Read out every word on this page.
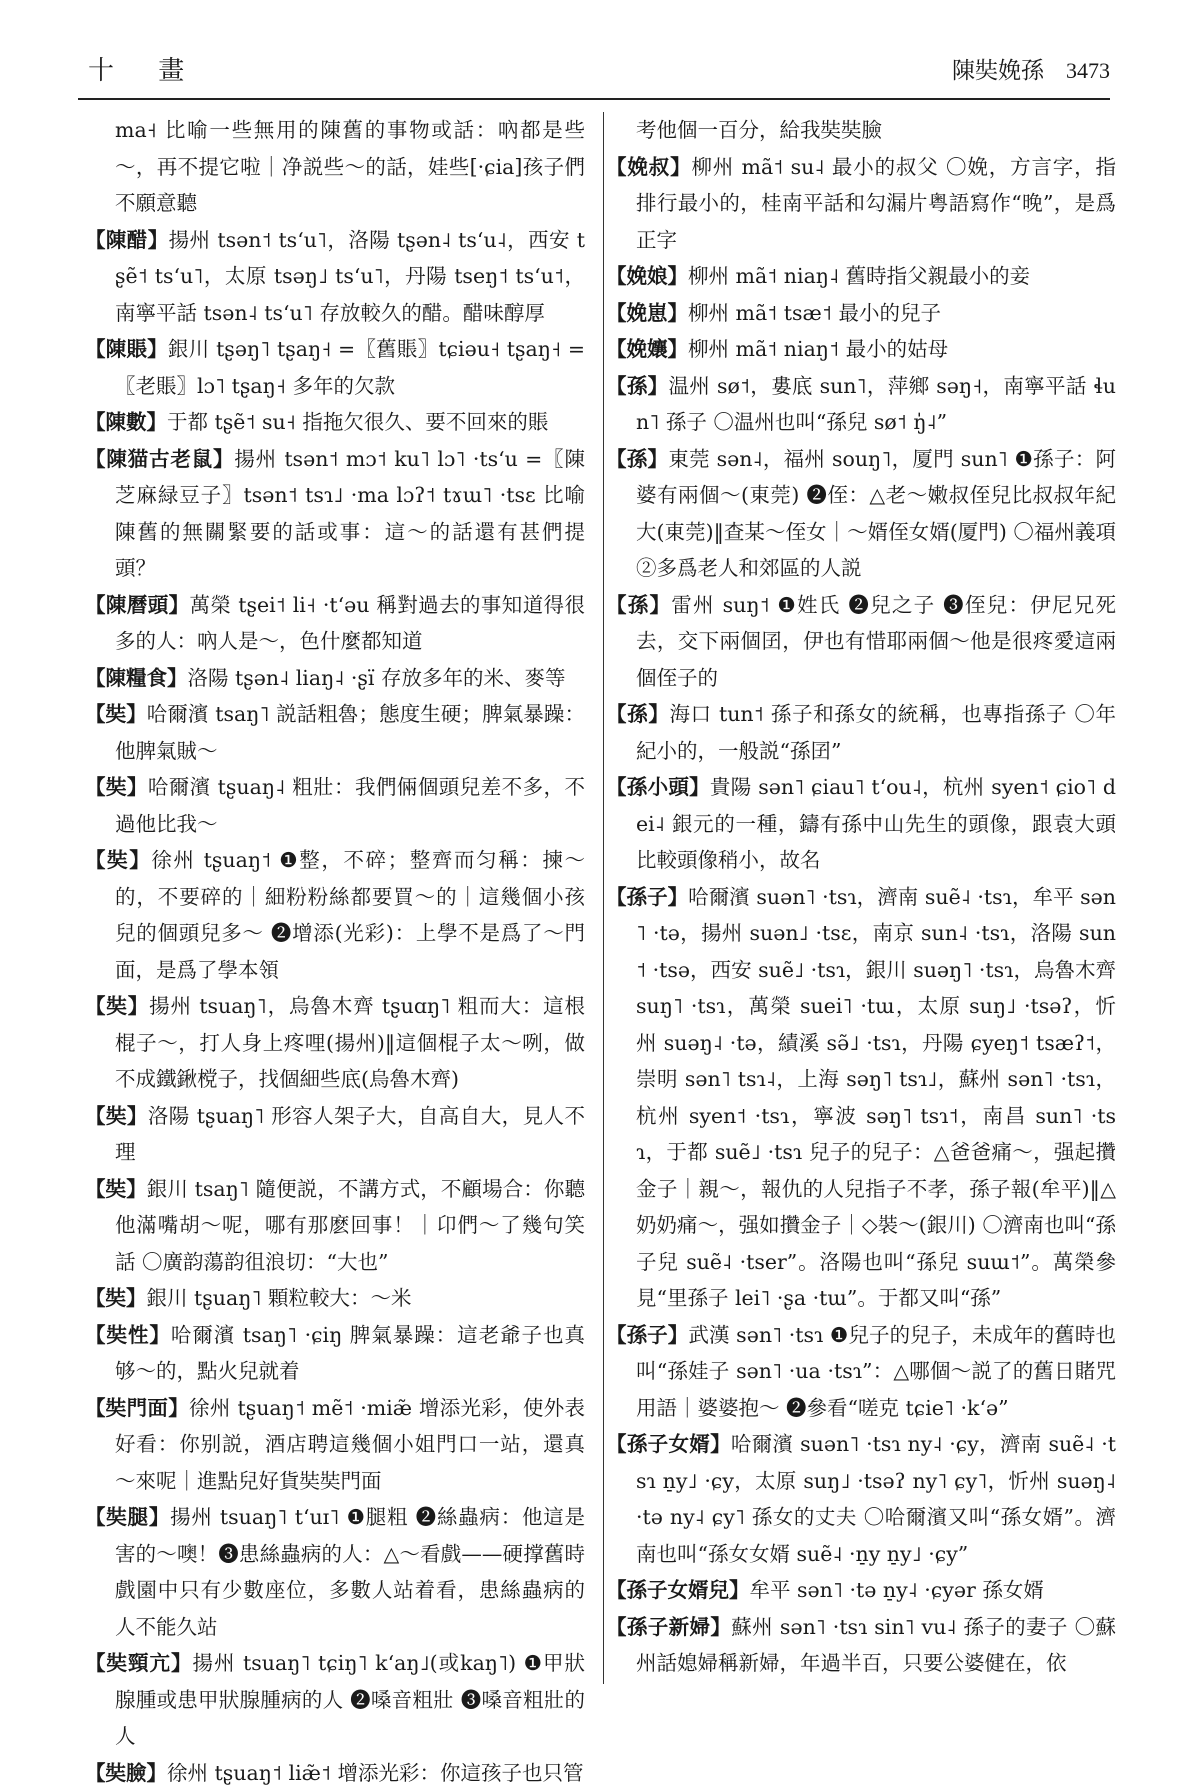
十 畫	陳奘娩孫 3473

ma˧ 比喻一些無用的陳舊的事物或話：吶都是些～，再不提它啦｜净説些～的話，娃些[·ɕia]孩子們不願意聽

【陳醋】揚州 tsən˦ tsʻu˥，洛陽 tʂən˨ tsʻu˨，西安 tʂẽ˦ tsʻu˥，太原 tsəŋ˩ tsʻu˥，丹陽 tseŋ˦ tsʻu˦，南寧平話 tsən˨ tsʻu˥ 存放較久的醋。醋味醇厚

【陳賬】銀川 tʂəŋ˥ tʂaŋ˧ =〖舊賬〗tɕiəu˧ tʂaŋ˧ =〖老賬〗lɔ˥ tʂaŋ˧ 多年的欠款

【陳數】于都 tʂẽ˦ su˧ 指拖欠很久、要不回來的賬

【陳猫古老鼠】揚州 tsən˦ mɔ˦ ku˥ lɔ˥ ·tsʻu =〖陳芝麻緑豆子〗tsən˦ tsɿ˩ ·ma lɔʔ˦ tɤɯ˥ ·tsɛ 比喻陳舊的無關緊要的話或事：這～的話還有甚們提頭？

【陳曆頭】萬榮 tʂei˦ li˧ ·tʻəu 稱對過去的事知道得很多的人：吶人是～，色什麼都知道

【陳糧食】洛陽 tʂən˨ liaŋ˨ ·ʂï 存放多年的米、麥等

【奘】哈爾濱 tsaŋ˥ 説話粗魯；態度生硬；脾氣暴躁：他脾氣賊～

【奘】哈爾濱 tʂuaŋ˨ 粗壯：我們倆個頭兒差不多，不過他比我～

【奘】徐州 tʂuaŋ˦ ❶整，不碎；整齊而匀稱：揀～的，不要碎的｜細粉粉絲都要買～的｜這幾個小孩兒的個頭兒多～ ❷增添(光彩)：上學不是爲了～門面，是爲了學本領

【奘】揚州 tsuaŋ˥，烏魯木齊 tʂuɑŋ˥ 粗而大：這根棍子～，打人身上疼哩(揚州)‖這個棍子太～咧，做不成鐵鍬𣗋子，找個細些底(烏魯木齊)

【奘】洛陽 tʂuaŋ˥ 形容人架子大，自高自大，見人不理

【奘】銀川 tsaŋ˥ 隨便説，不講方式，不顧場合：你聽他滿嘴胡～呢，哪有那麽回事！｜卬們～了幾句笑話 〇廣韵蕩韵徂浪切：“大也”

【奘】銀川 tʂuaŋ˥ 顆粒較大：～米

【奘性】哈爾濱 tsaŋ˥ ·ɕiŋ 脾氣暴躁：這老爺子也真够～的，點火兒就着

【奘門面】徐州 tʂuaŋ˦ mẽ˦ ·miæ̃ 增添光彩，使外表好看：你别説，酒店聘這幾個小姐門口一站，還真～來呢｜進點兒好貨奘奘門面

【奘腿】揚州 tsuaŋ˥ tʻuɪ˥ ❶腿粗 ❷絲蟲病：他這是害的～噢！❸患絲蟲病的人：△～看戲——硬撑舊時戲園中只有少數座位，多數人站着看，患絲蟲病的人不能久站

【奘頸亢】揚州 tsuaŋ˥ tɕiŋ˥ kʻaŋ˩(或kaŋ˥) ❶甲狀腺腫或患甲狀腺腫病的人 ❷嗓音粗壯 ❸嗓音粗壯的人

【奘臉】徐州 tʂuaŋ˦ liæ̃˦ 增添光彩：你這孩子也只管

考他個一百分，給我奘奘臉

【娩叔】柳州 mã˦ su˨ 最小的叔父 〇娩，方言字，指排行最小的，桂南平話和勾漏片粤語寫作“晚”，是爲正字

【娩娘】柳州 mã˦ niaŋ˨ 舊時指父親最小的妾

【娩崽】柳州 mã˦ tsæ˦ 最小的兒子

【娩孃】柳州 mã˦ niaŋ˦ 最小的姑母

【孫】温州 sø˦，婁底 sun˥，萍鄉 səŋ˧，南寧平話 ɬun˥ 孫子 〇温州也叫“孫兒 sø˦ ŋ̍˨”

【孫】東莞 sən˨，福州 souŋ˥，厦門 sun˥ ❶孫子：阿婆有兩個～(東莞) ❷侄：△老～嫩叔侄兒比叔叔年紀大(東莞)‖查某～侄女｜～婿侄女婿(厦門) 〇福州義項②多爲老人和郊區的人説

【孫】雷州 suŋ˦ ❶姓氏 ❷兒之子 ❸侄兒：伊尼兄死去，交下兩個囝，伊也有惜耶兩個～他是很疼愛這兩個侄子的

【孫】海口 tun˦ 孫子和孫女的統稱，也專指孫子 〇年紀小的，一般説“孫囝”

【孫小頭】貴陽 sən˥ ɕiau˥ tʻou˨，杭州 syen˦ ɕio˥ dei˨ 銀元的一種，鑄有孫中山先生的頭像，跟袁大頭比較頭像稍小，故名

【孫子】哈爾濱 suən˥ ·tsɿ，濟南 suẽ˨ ·tsɿ，牟平 sən˥ ·tə，揚州 suən˩ ·tsɛ，南京 sun˨ ·tsɿ，洛陽 sun˦ ·tsə，西安 suẽ˩ ·tsɿ，銀川 suəŋ˥ ·tsɿ，烏魯木齊 suŋ˥ ·tsɿ，萬榮 suei˥ ·tɯ，太原 suŋ˩ ·tsəʔ，忻州 suəŋ˨ ·tə，績溪 sə̃˩ ·tsɿ，丹陽 ɕyeŋ˦ tsæʔ˦，崇明 sən˥ tsɿ˨，上海 səŋ˥ tsɿ˩，蘇州 sən˥ ·tsɿ，杭州 syen˦ ·tsɿ，寧波 səŋ˥ tsɿ˦，南昌 sun˥ ·tsɿ，于都 suẽ˩ ·tsɿ 兒子的兒子：△爸爸痛～，强起攢金子｜親～，報仇的人兒指子不孝，孫子報(牟平)‖△奶奶痛～，强如攢金子｜◇裝～(銀川) 〇濟南也叫“孫子兒 suẽ˨ ·tser”。洛陽也叫“孫兒 suɯ˦”。萬榮參見“里孫子 lei˥ ·ʂa ·tɯ”。于都又叫“孫”

【孫子】武漢 sən˥ ·tsɿ ❶兒子的兒子，未成年的舊時也叫“孫娃子 sən˥ ·ua ·tsɿ”：△哪個～説了的舊日賭咒用語｜婆婆抱～ ❷參看“嗟克 tɕie˥ ·kʻə”

【孫子女婿】哈爾濱 suən˥ ·tsɿ ny˨ ·ɕy，濟南 suẽ˨ ·tsɿ n̠y˩ ·ɕy，太原 suŋ˩ ·tsəʔ ny˥ ɕy˥，忻州 suəŋ˨ ·tə ny˨ ɕy˥ 孫女的丈夫 〇哈爾濱又叫“孫女婿”。濟南也叫“孫女女婿 suẽ˨ ·n̠y n̠y˩ ·ɕy”

【孫子女婿兒】牟平 sən˥ ·tə n̠y˨ ·ɕyər 孫女婿

【孫子新婦】蘇州 sən˥ ·tsɿ sin˥ vu˨ 孫子的妻子 〇蘇州話媳婦稱新婦，年過半百，只要公婆健在，依
